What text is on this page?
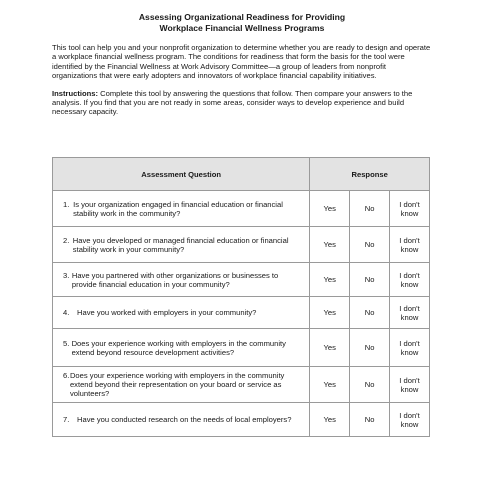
Assessing Organizational Readiness for Providing

Workplace Financial Wellness Programs

This tool can help you and your nonprofit organization to determine whether you are ready to design and operate a workplace financial wellness program. The conditions for readiness that form the basis for the tool were identified by the Financial Wellness at Work Advisory Committee—a group of leaders from nonprofit organizations that were early adopters and innovators of workplace financial capability initiatives.

Instructions: Complete this tool by answering the questions that follow. Then compare your answers to the analysis. If you find that you are not ready in some areas, consider ways to develop experience and build necessary capacity.

Assessment Question	Response		

1. Is your organization engaged in financial education or financial stability work in the community?	Yes	No	I don't know

2. Have you developed or managed financial education or financial stability work in your community?	Yes	No	I don't know

3. Have you partnered with other organizations or businesses to provide financial education in your community?	Yes	No	I don't know

4. Have you worked with employers in your community?	Yes	No	I don't know

5. Does your experience working with employers in the community extend beyond resource development activities?	Yes	No	I don't know

6. Does your experience working with employers in the community extend beyond their representation on your board or service as volunteers?	Yes	No	I don't know

7. Have you conducted research on the needs of local employers?	Yes	No	I don't know
